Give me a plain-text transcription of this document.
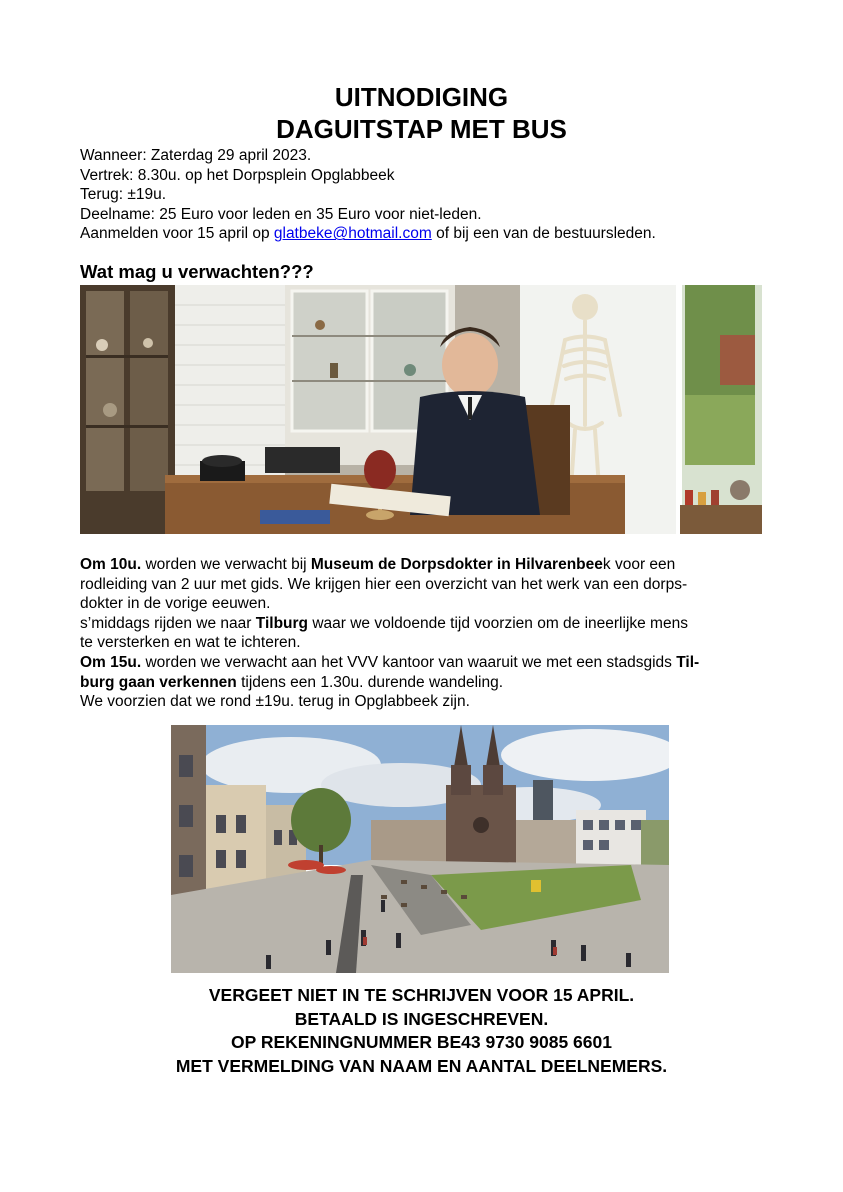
UITNODIGING
DAGUITSTAP MET BUS
Wanneer: Zaterdag 29 april 2023.
Vertrek: 8.30u. op het Dorpsplein Opglabbeek
Terug: ±19u.
Deelname: 25 Euro voor leden en 35 Euro voor niet-leden.
Aanmelden voor 15 april op glatbeke@hotmail.com of bij een van de bestuursleden.
Wat mag u verwachten???
Om 10u. worden we verwacht bij Museum de Dorpsdokter in Hilvarenbeek voor een
rodleiding van 2 uur met gids. We krijgen hier een overzicht van het werk van een dorps-
dokter in de vorige eeuwen.
s’middags rijden we naar Tilburg waar we voldoende tijd voorzien om de ineerlijke mens
te versterken en wat te ichteren.
Om 15u. worden we verwacht aan het VVV kantoor van waaruit we met een stadsgids Til-
burg gaan verkennen tijdens een 1.30u. durende wandeling.
We voorzien dat we rond ±19u. terug in Opglabbeek zijn.
VERGEET NIET IN TE SCHRIJVEN VOOR 15 APRIL.
BETAALD IS INGESCHREVEN.
OP REKENINGNUMMER BE43 9730 9085 6601
MET VERMELDING VAN NAAM EN AANTAL DEELNEMERS.
